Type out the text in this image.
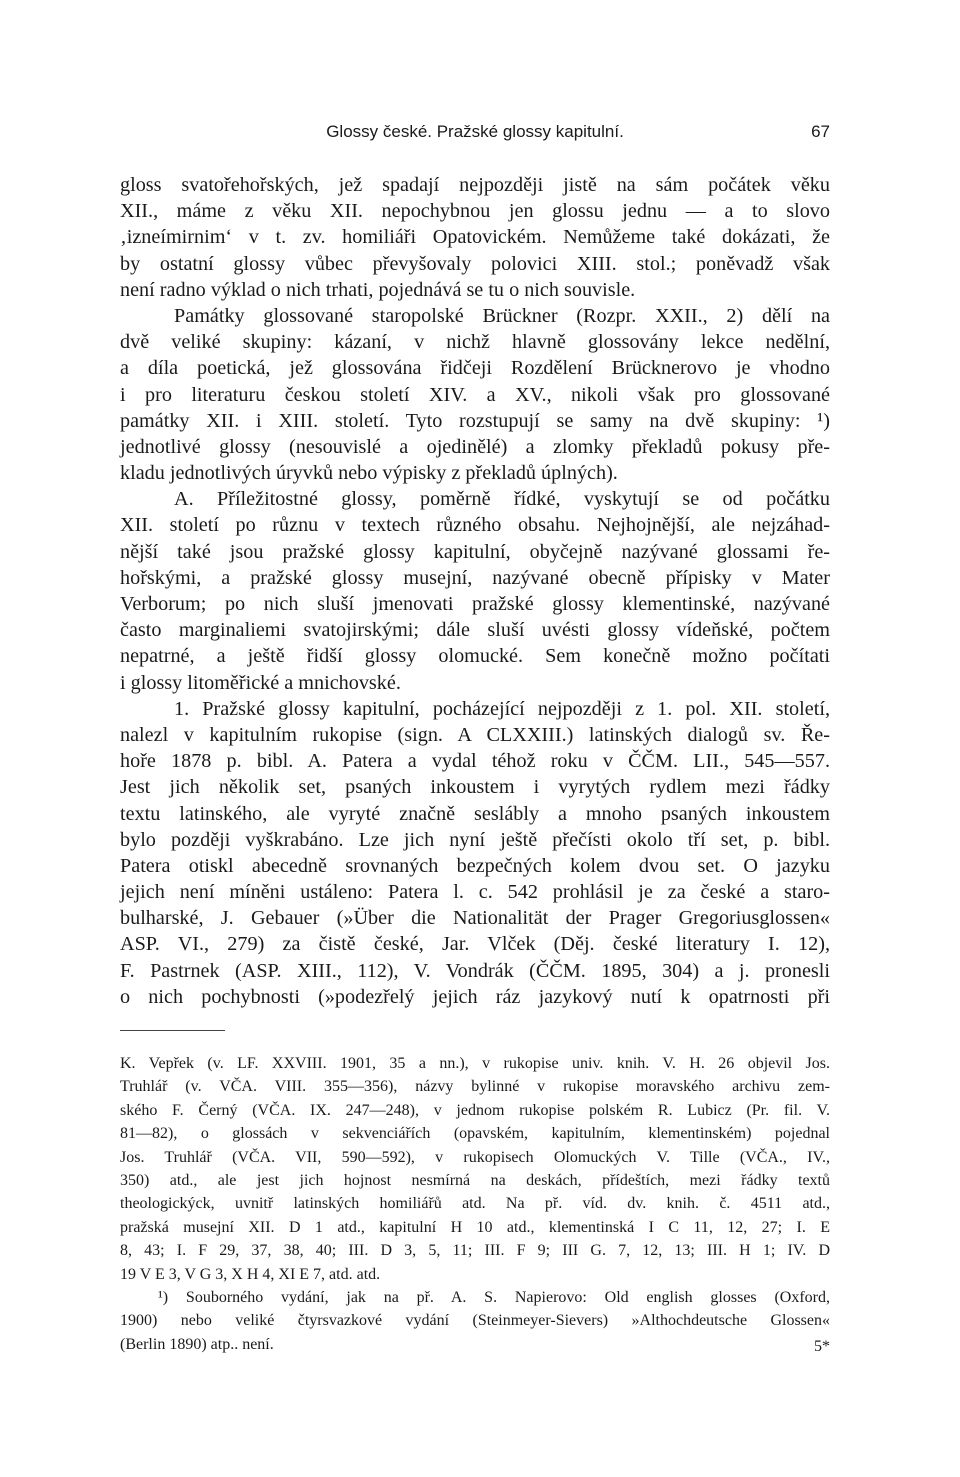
Glossy české. Pražské glossy kapitulní.	67
gloss svatořehořských, jež spadají nejpozději jistě na sám počátek věku
XII., máme z věku XII. nepochybnou jen glossu jednu — a to slovo
‚izneímirnim‘ v t. zv. homiliáři Opatovickém. Nemůžeme také dokázati, že
by ostatní glossy vůbec převyšovaly polovici XIII. stol.; poněvadž však
není radno výklad o nich trhati, pojednává se tu o nich souvisle.
Památky glossované staropolské Brückner (Rozpr. XXII., 2) dělí na
dvě veliké skupiny: kázaní, v nichž hlavně glossovány lekce nedělní,
a díla poetická, jež glossována řidčeji Rozdělení Brücknerovo je vhodno
i pro literaturu českou století XIV. a XV., nikoli však pro glossované
památky XII. i XIII. století. Tyto rozstupují se samy na dvě skupiny: ¹)
jednotlivé glossy (nesouvislé a ojedinělé) a zlomky překladů pokusy pře-
kladu jednotlivých úryvků nebo výpisky z překladů úplných).
A. Příležitostné glossy, poměrně řídké, vyskytují se od počátku
XII. století po různu v textech různého obsahu. Nejhojnější, ale nejzáhad-
nější také jsou pražské glossy kapitulní, obyčejně nazývané glossami ře-
hořskými, a pražské glossy musejní, nazývané obecně přípisky v Mater
Verborum; po nich sluší jmenovati pražské glossy klementinské, nazývané
často marginaliemi svatojirskými; dále sluší uvésti glossy vídeňské, počtem
nepatrné, a ještě řidší glossy olomucké. Sem konečně možno počítati
i glossy litoměřické a mnichovské.
1. Pražské glossy kapitulní, pocházející nejpozději z 1. pol. XII. století,
nalezl v kapitulním rukopise (sign. A CLXXIII.) latinských dialogů sv. Ře-
hoře 1878 p. bibl. A. Patera a vydal téhož roku v ČČM. LII., 545—557.
Jest jich několik set, psaných inkoustem i vyrytých rydlem mezi řádky
textu latinského, ale vyryté značně seslábly a mnoho psaných inkoustem
bylo později vyškrabáno. Lze jich nyní ještě přečísti okolo tří set, p. bibl.
Patera otiskl abecedně srovnaných bezpečných kolem dvou set. O jazyku
jejich není míněni ustáleno: Patera l. c. 542 prohlásil je za české a staro-
bulharské, J. Gebauer (»Über die Nationalität der Prager Gregoriusglossen«
ASP. VI., 279) za čistě české, Jar. Vlček (Děj. české literatury I. 12),
F. Pastrnek (ASP. XIII., 112), V. Vondrák (ČČM. 1895, 304) a j. pronesli
o nich pochybnosti (»podezřelý jejich ráz jazykový nutí k opatrnosti při
K. Vepřek (v. LF. XXVIII. 1901, 35 a nn.), v rukopise univ. knih. V. H. 26 objevil Jos.
Truhlář (v. VČA. VIII. 355—356), názvy bylinné v rukopise moravského archivu zem-
ského F. Černý (VČA. IX. 247—248), v jednom rukopise polském R. Lubicz (Pr. fil. V.
81—82), o glossách v sekvenciářích (opavském, kapitulním, klementinském) pojednal
Jos. Truhlář (VČA. VII, 590—592), v rukopisech Olomuckých V. Tille (VČA., IV.,
350) atd., ale jest jich hojnost nesmírná na deskách, přídeštích, mezi řádky textů
theologickýck, uvnitř latinských homiliářů atd. Na př. víd. dv. knih. č. 4511 atd.,
pražská musejní XII. D 1 atd., kapitulní H 10 atd., klementinská I C 11, 12, 27; I. E
8, 43; I. F 29, 37, 38, 40; III. D 3, 5, 11; III. F 9; III G. 7, 12, 13; III. H 1; IV. D
19 V E 3, V G 3, X H 4, XI E 7, atd. atd.
¹) Souborného vydání, jak na př. A. S. Napierovo: Old english glosses (Oxford,
1900) nebo veliké čtyrsvazkové vydání (Steinmeyer-Sievers) »Althochdeutsche Glossen«
(Berlin 1890) atp.. není.	5*
